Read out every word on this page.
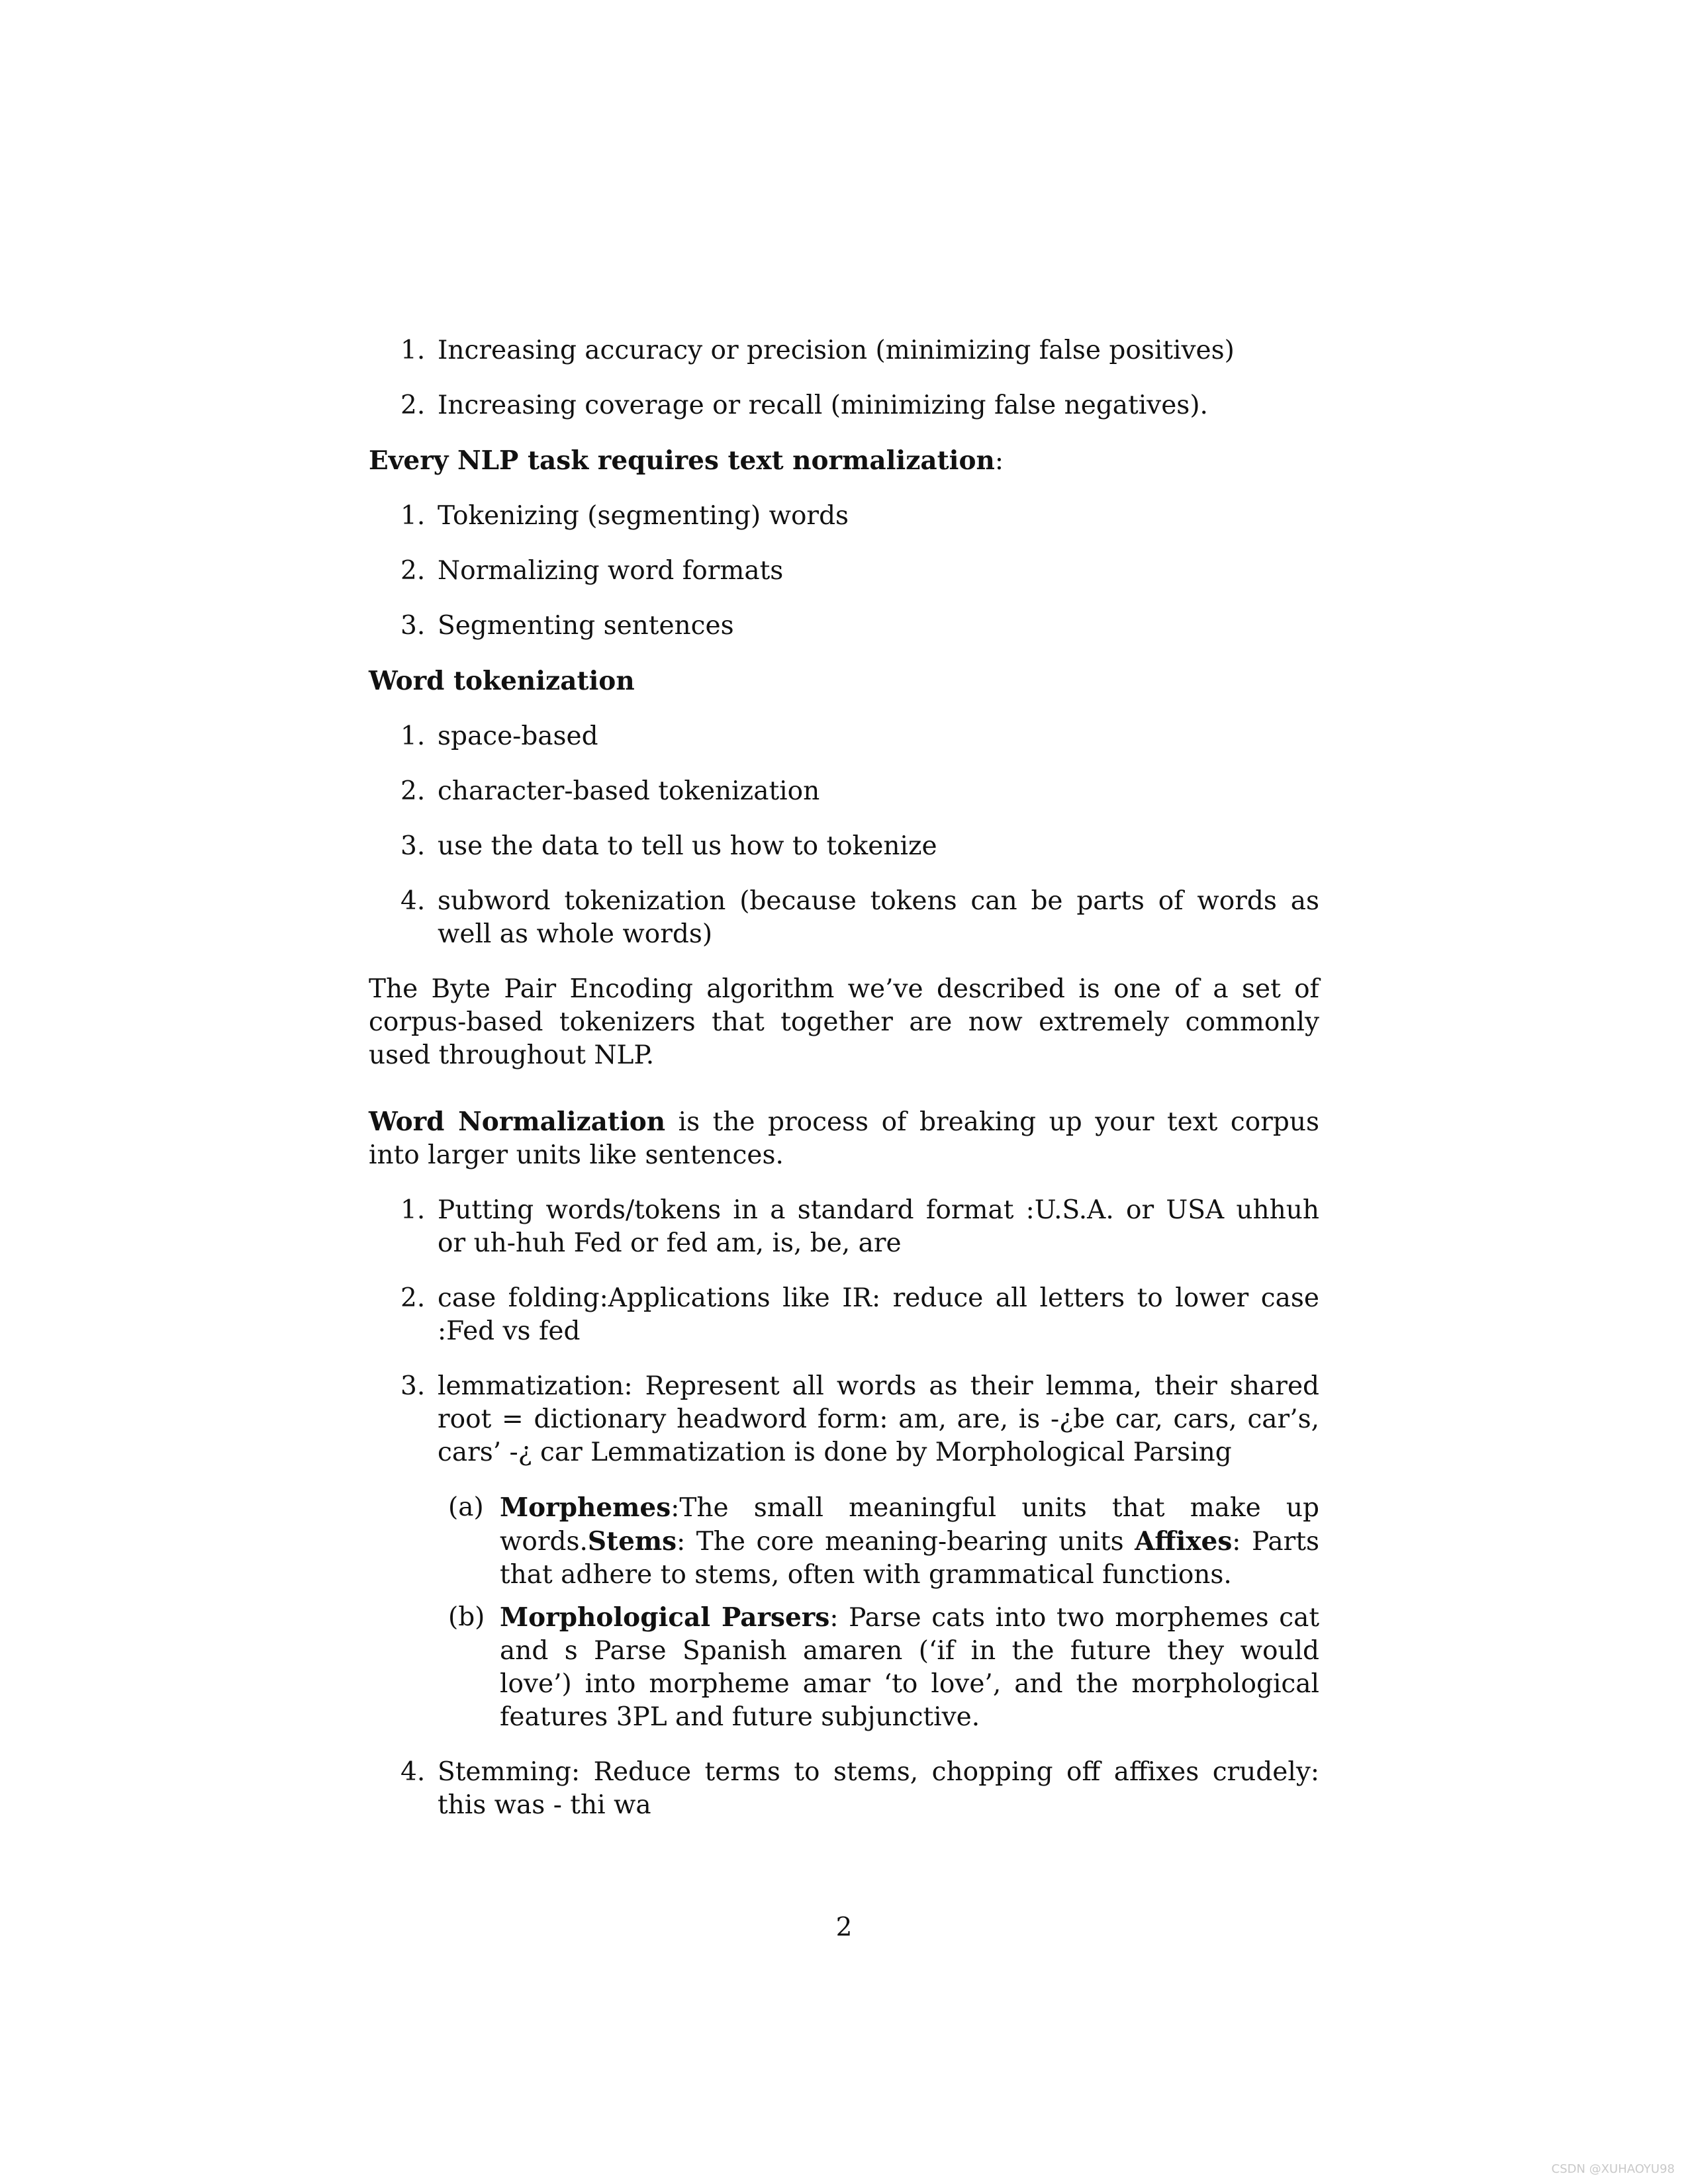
1. Increasing accuracy or precision (minimizing false positives)
2. Increasing coverage or recall (minimizing false negatives).

Every NLP task requires text normalization:

1. Tokenizing (segmenting) words
2. Normalizing word formats
3. Segmenting sentences

Word tokenization

1. space-based
2. character-based tokenization
3. use the data to tell us how to tokenize
4. subword tokenization (because tokens can be parts of words as well as whole words)

The Byte Pair Encoding algorithm we’ve described is one of a set of corpus-based tokenizers that together are now extremely commonly used throughout NLP.

Word Normalization is the process of breaking up your text corpus into larger units like sentences.

1. Putting words/tokens in a standard format :U.S.A. or USA uhhuh or uh-huh Fed or fed am, is, be, are
2. case folding:Applications like IR: reduce all letters to lower case :Fed vs fed
3. lemmatization: Represent all words as their lemma, their shared root = dictionary headword form: am, are, is -¿be car, cars, car’s, cars’ -¿ car Lemmatization is done by Morphological Parsing
(a) Morphemes:The small meaningful units that make up words.Stems: The core meaning-bearing units Affixes: Parts that adhere to stems, often with grammatical functions.
(b) Morphological Parsers: Parse cats into two morphemes cat and s Parse Spanish amaren (‘if in the future they would love’) into morpheme amar ‘to love’, and the morphological features 3PL and future subjunctive.
4. Stemming: Reduce terms to stems, chopping off affixes crudely: this was - thi wa
2
CSDN @XUHAOYU98
